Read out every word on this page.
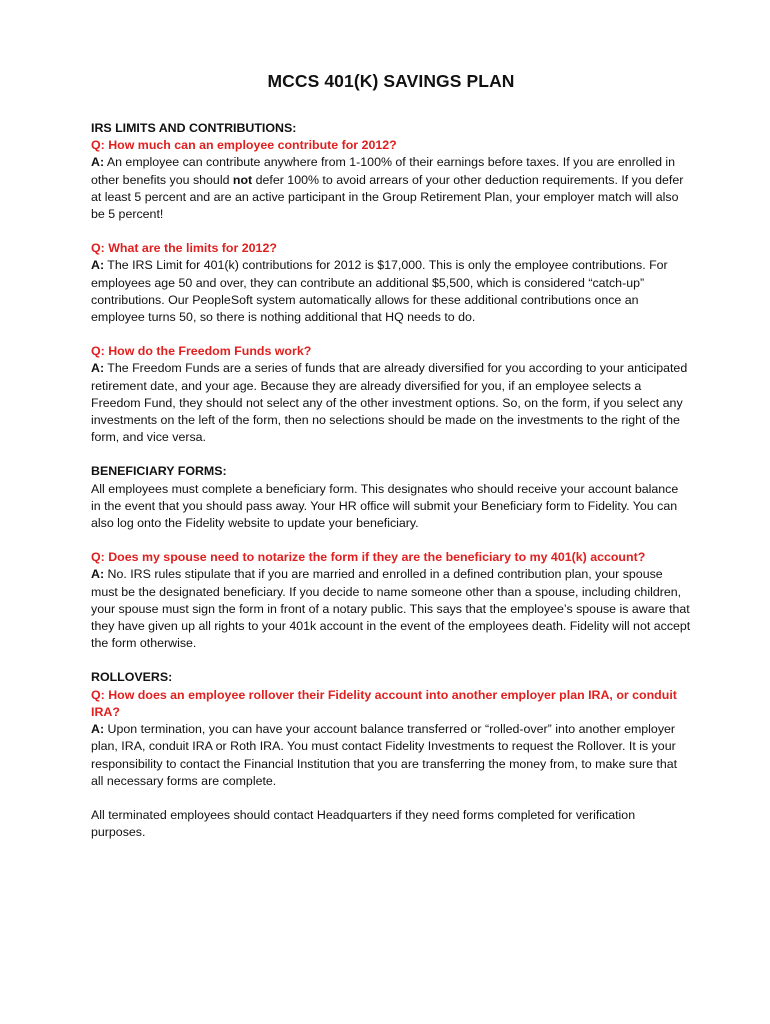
MCCS 401(K) SAVINGS PLAN

IRS LIMITS AND CONTRIBUTIONS:

Q: How much can an employee contribute for 2012?

A: An employee can contribute anywhere from 1-100% of their earnings before taxes. If you are enrolled in other benefits you should not defer 100% to avoid arrears of your other deduction requirements. If you defer at least 5 percent and are an active participant in the Group Retirement Plan, your employer match will also be 5 percent!

Q: What are the limits for 2012?

A: The IRS Limit for 401(k) contributions for 2012 is $17,000. This is only the employee contributions. For employees age 50 and over, they can contribute an additional $5,500, which is considered “catch-up” contributions. Our PeopleSoft system automatically allows for these additional contributions once an employee turns 50, so there is nothing additional that HQ needs to do.

Q: How do the Freedom Funds work?

A: The Freedom Funds are a series of funds that are already diversified for you according to your anticipated retirement date, and your age. Because they are already diversified for you, if an employee selects a Freedom Fund, they should not select any of the other investment options. So, on the form, if you select any investments on the left of the form, then no selections should be made on the investments to the right of the form, and vice versa.

BENEFICIARY FORMS:

All employees must complete a beneficiary form. This designates who should receive your account balance in the event that you should pass away. Your HR office will submit your Beneficiary form to Fidelity. You can also log onto the Fidelity website to update your beneficiary.

Q: Does my spouse need to notarize the form if they are the beneficiary to my 401(k) account?

A: No. IRS rules stipulate that if you are married and enrolled in a defined contribution plan, your spouse must be the designated beneficiary. If you decide to name someone other than a spouse, including children, your spouse must sign the form in front of a notary public. This says that the employee’s spouse is aware that they have given up all rights to your 401k account in the event of the employees death. Fidelity will not accept the form otherwise.

ROLLOVERS:

Q: How does an employee rollover their Fidelity account into another employer plan IRA, or conduit IRA?

A: Upon termination, you can have your account balance transferred or “rolled-over” into another employer plan, IRA, conduit IRA or Roth IRA. You must contact Fidelity Investments to request the Rollover. It is your responsibility to contact the Financial Institution that you are transferring the money from, to make sure that all necessary forms are complete.

All terminated employees should contact Headquarters if they need forms completed for verification purposes.
